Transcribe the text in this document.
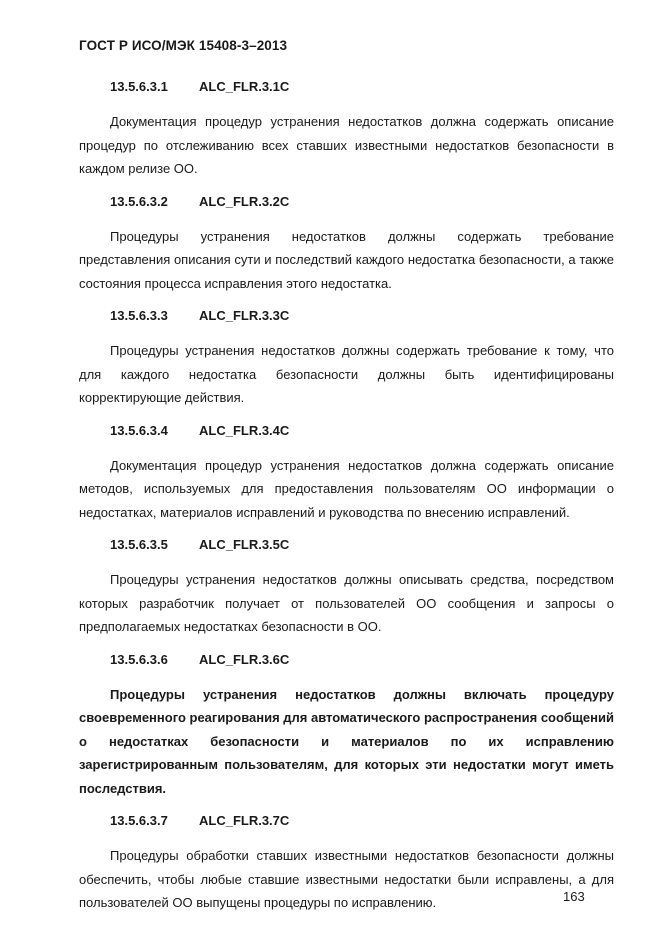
ГОСТ Р ИСО/МЭК 15408-3–2013
13.5.6.3.1 ALC_FLR.3.1C

Документация процедур устранения недостатков должна содержать описание процедур по отслеживанию всех ставших известными недостатков безопасности в каждом релизе ОО.

13.5.6.3.2 ALC_FLR.3.2C

Процедуры устранения недостатков должны содержать требование представления описания сути и последствий каждого недостатка безопасности, а также состояния процесса исправления этого недостатка.

13.5.6.3.3 ALC_FLR.3.3C

Процедуры устранения недостатков должны содержать требование к тому, что для каждого недостатка безопасности должны быть идентифицированы корректирующие действия.

13.5.6.3.4 ALC_FLR.3.4C

Документация процедур устранения недостатков должна содержать описание методов, используемых для предоставления пользователям ОО информации о недостатках, материалов исправлений и руководства по внесению исправлений.

13.5.6.3.5 ALC_FLR.3.5C

Процедуры устранения недостатков должны описывать средства, посредством которых разработчик получает от пользователей ОО сообщения и запросы о предполагаемых недостатках безопасности в ОО.

13.5.6.3.6 ALC_FLR.3.6C

Процедуры устранения недостатков должны включать процедуру своевременного реагирования для автоматического распространения сообщений о недостатках безопасности и материалов по их исправлению зарегистрированным пользователям, для которых эти недостатки могут иметь последствия.

13.5.6.3.7 ALC_FLR.3.7C

Процедуры обработки ставших известными недостатков безопасности должны обеспечить, чтобы любые ставшие известными недостатки были исправлены, а для пользователей ОО выпущены процедуры по исправлению.	163
